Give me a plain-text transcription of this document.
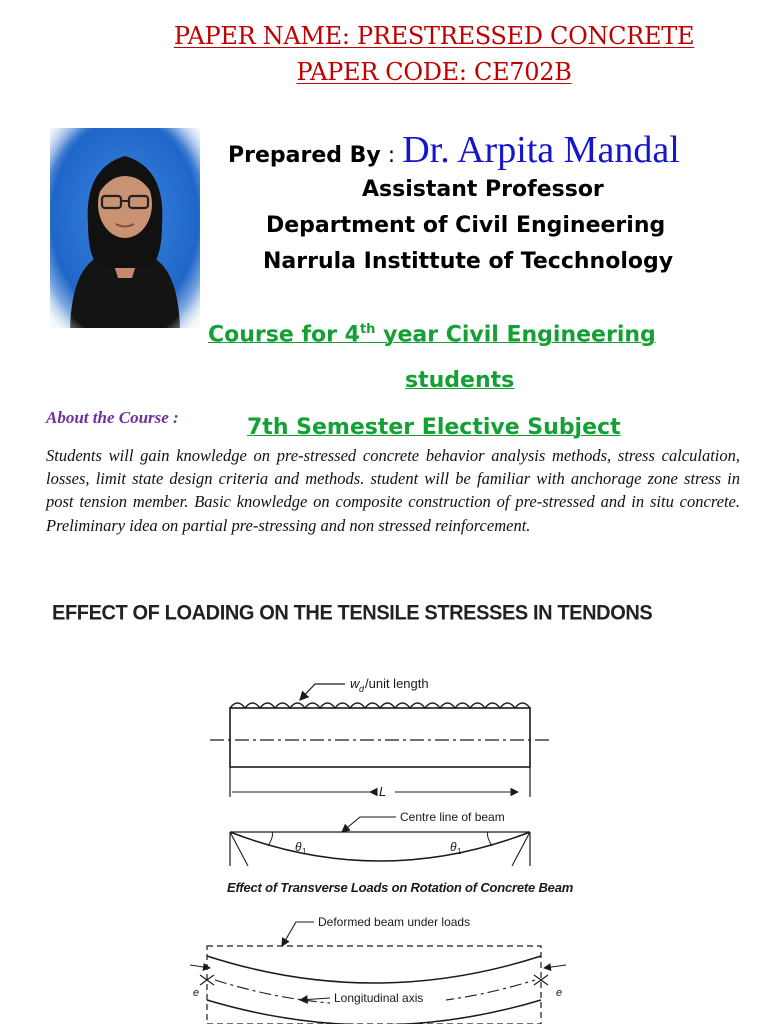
PAPER NAME: PRESTRESSED CONCRETE
PAPER CODE: CE702B
Prepared By : Dr. Arpita Mandal
Assistant Professor
Department of Civil Engineering
Narrula Instittute of Tecchnology
Course for 4th year Civil Engineering
students
7th Semester Elective Subject
About the Course :
Students will gain knowledge on pre-stressed concrete behavior analysis methods, stress calculation, losses, limit state design criteria and methods. student will be familiar with anchorage zone stress in post tension member. Basic knowledge on composite construction of pre-stressed and in situ concrete. Preliminary idea on partial pre-stressing and non stressed reinforcement.
EFFECT OF LOADING ON THE TENSILE STRESSES IN TENDONS
w d /unit length
L
Centre line of beam
θ 1	θ 1
Effect of Transverse Loads on Rotation of Concrete Beam
Deformed beam under loads
e	e
Longitudinal axis
